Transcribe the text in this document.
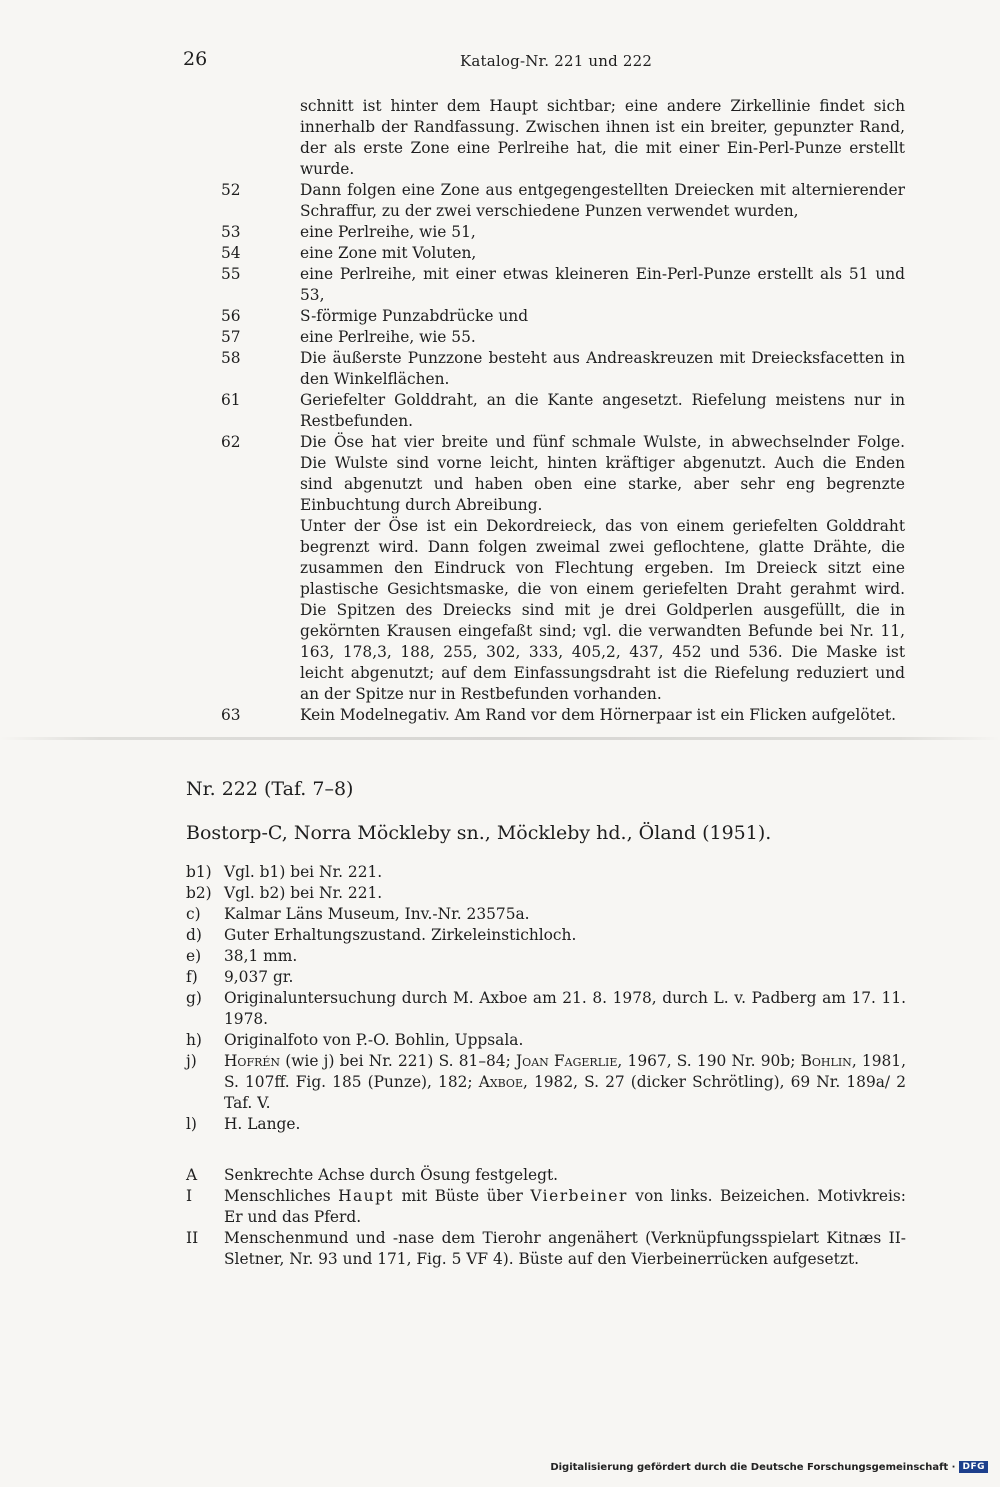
26	Katalog-Nr. 221 und 222

schnitt ist hinter dem Haupt sichtbar; eine andere Zirkellinie findet sich innerhalb der Randfassung. Zwischen ihnen ist ein breiter, gepunzter Rand, der als erste Zone eine Perlreihe hat, die mit einer Ein-Perl-Punze erstellt wurde.

52	Dann folgen eine Zone aus entgegengestellten Dreiecken mit alternierender Schraffur, zu der zwei verschiedene Punzen verwendet wurden,
53	eine Perlreihe, wie 51,
54	eine Zone mit Voluten,
55	eine Perlreihe, mit einer etwas kleineren Ein-Perl-Punze erstellt als 51 und 53,
56	S-förmige Punzabdrücke und
57	eine Perlreihe, wie 55.
58	Die äußerste Punzzone besteht aus Andreaskreuzen mit Dreiecksfacetten in den Winkelflächen.
61	Geriefelter Golddraht, an die Kante angesetzt. Riefelung meistens nur in Restbefunden.
62	Die Öse hat vier breite und fünf schmale Wulste, in abwechselnder Folge. Die Wulste sind vorne leicht, hinten kräftiger abgenutzt. Auch die Enden sind abgenutzt und haben oben eine starke, aber sehr eng begrenzte Einbuchtung durch Abreibung.

Unter der Öse ist ein Dekordreieck, das von einem geriefelten Golddraht begrenzt wird. Dann folgen zweimal zwei geflochtene, glatte Drähte, die zusammen den Eindruck von Flechtung ergeben. Im Dreieck sitzt eine plastische Gesichtsmaske, die von einem geriefelten Draht gerahmt wird. Die Spitzen des Dreiecks sind mit je drei Goldperlen ausgefüllt, die in gekörnten Krausen eingefaßt sind; vgl. die verwandten Befunde bei Nr. 11, 163, 178,3, 188, 255, 302, 333, 405,2, 437, 452 und 536. Die Maske ist leicht abgenutzt; auf dem Einfassungsdraht ist die Riefelung reduziert und an der Spitze nur in Restbefunden vorhanden.

63	Kein Modelnegativ. Am Rand vor dem Hörnerpaar ist ein Flicken aufgelötet.
Nr. 222 (Taf. 7–8)
Bostorp-C, Norra Möckleby sn., Möckleby hd., Öland (1951).
b1) Vgl. b1) bei Nr. 221.
b2) Vgl. b2) bei Nr. 221.
c)	Kalmar Läns Museum, Inv.-Nr. 23575a.
d)	Guter Erhaltungszustand. Zirkeleinstichloch.
e)	38,1 mm.
f)	9,037 gr.
g)	Originaluntersuchung durch M. Axboe am 21. 8. 1978, durch L. v. Padberg am 17. 11. 1978.
h)	Originalfoto von P.-O. Bohlin, Uppsala.
j)	Hofrén (wie j) bei Nr. 221) S. 81–84; Joan Fagerlie, 1967, S. 190 Nr. 90b; Bohlin, 1981, S. 107ff. Fig. 185 (Punze), 182; Axboe, 1982, S. 27 (dicker Schrötling), 69 Nr. 189a/ 2 Taf. V.
l)	H. Lange.
A	Senkrechte Achse durch Ösung festgelegt.
I	Menschliches Haupt mit Büste über Vierbeiner von links. Beizeichen. Motivkreis: Er und das Pferd.
II	Menschenmund und -nase dem Tierohr angenähert (Verknüpfungsspielart Kitnæs II-Sletner, Nr. 93 und 171, Fig. 5 VF 4). Büste auf den Vierbeinerrücken aufgesetzt.
Digitalisierung gefördert durch die Deutsche Forschungsgemeinschaft · DFG
